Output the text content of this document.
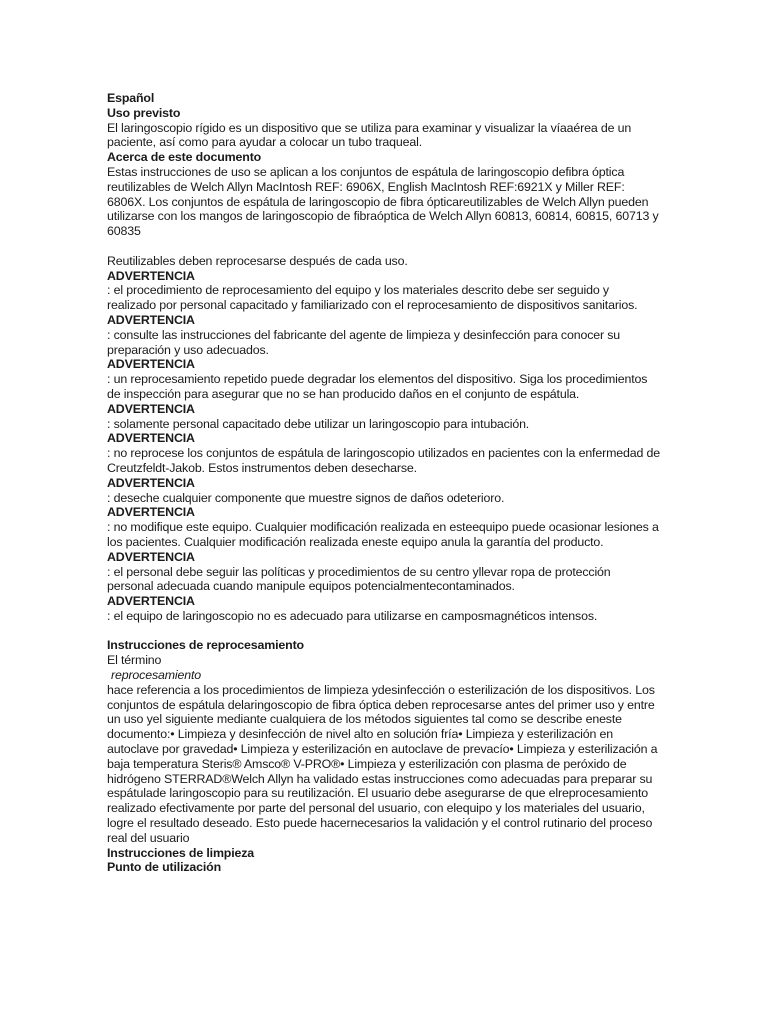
Español
Uso previsto
El laringoscopio rígido es un dispositivo que se utiliza para examinar y visualizar la víaaérea de un paciente, así como para ayudar a colocar un tubo traqueal.
Acerca de este documento
Estas instrucciones de uso se aplican a los conjuntos de espátula de laringoscopio defibra óptica reutilizables de Welch Allyn MacIntosh REF: 6906X, English MacIntosh REF:6921X y Miller REF: 6806X. Los conjuntos de espátula de laringoscopio de fibra ópticareutilizables de Welch Allyn pueden utilizarse con los mangos de laringoscopio de fibraóptica de Welch Allyn 60813, 60814, 60815, 60713 y 60835
Reutilizables deben reprocesarse después de cada uso.
ADVERTENCIA
: el procedimiento de reprocesamiento del equipo y los materiales descrito debe ser seguido y realizado por personal capacitado y familiarizado con el reprocesamiento de dispositivos sanitarios.
ADVERTENCIA
: consulte las instrucciones del fabricante del agente de limpieza y desinfección para conocer su preparación y uso adecuados.
ADVERTENCIA
: un reprocesamiento repetido puede degradar los elementos del dispositivo. Siga los procedimientos de inspección para asegurar que no se han producido daños en el conjunto de espátula.
ADVERTENCIA
: solamente personal capacitado debe utilizar un laringoscopio para intubación.
ADVERTENCIA
: no reprocese los conjuntos de espátula de laringoscopio utilizados en pacientes con la enfermedad de Creutzfeldt-Jakob. Estos instrumentos deben desecharse.
ADVERTENCIA
: deseche cualquier componente que muestre signos de daños odeterioro.
ADVERTENCIA
: no modifique este equipo. Cualquier modificación realizada en esteequipo puede ocasionar lesiones a los pacientes. Cualquier modificación realizada eneste equipo anula la garantía del producto.
ADVERTENCIA
: el personal debe seguir las políticas y procedimientos de su centro yllevar ropa de protección personal adecuada cuando manipule equipos potencialmentecontaminados.
ADVERTENCIA
: el equipo de laringoscopio no es adecuado para utilizarse en camposmagnéticos intensos.
Instrucciones de reprocesamiento
El término
reprocesamiento
hace referencia a los procedimientos de limpieza ydesinfección o esterilización de los dispositivos. Los conjuntos de espátula delaringoscopio de fibra óptica deben reprocesarse antes del primer uso y entre un uso yel siguiente mediante cualquiera de los métodos siguientes tal como se describe eneste documento:• Limpieza y desinfección de nivel alto en solución fría• Limpieza y esterilización en autoclave por gravedad• Limpieza y esterilización en autoclave de prevacío• Limpieza y esterilización a baja temperatura Steris® Amsco® V-PRO®• Limpieza y esterilización con plasma de peróxido de hidrógeno STERRAD®Welch Allyn ha validado estas instrucciones como adecuadas para preparar su espátulade laringoscopio para su reutilización. El usuario debe asegurarse de que elreprocesamiento realizado efectivamente por parte del personal del usuario, con elequipo y los materiales del usuario, logre el resultado deseado. Esto puede hacernecesarios la validación y el control rutinario del proceso real del usuario
Instrucciones de limpieza
Punto de utilización
